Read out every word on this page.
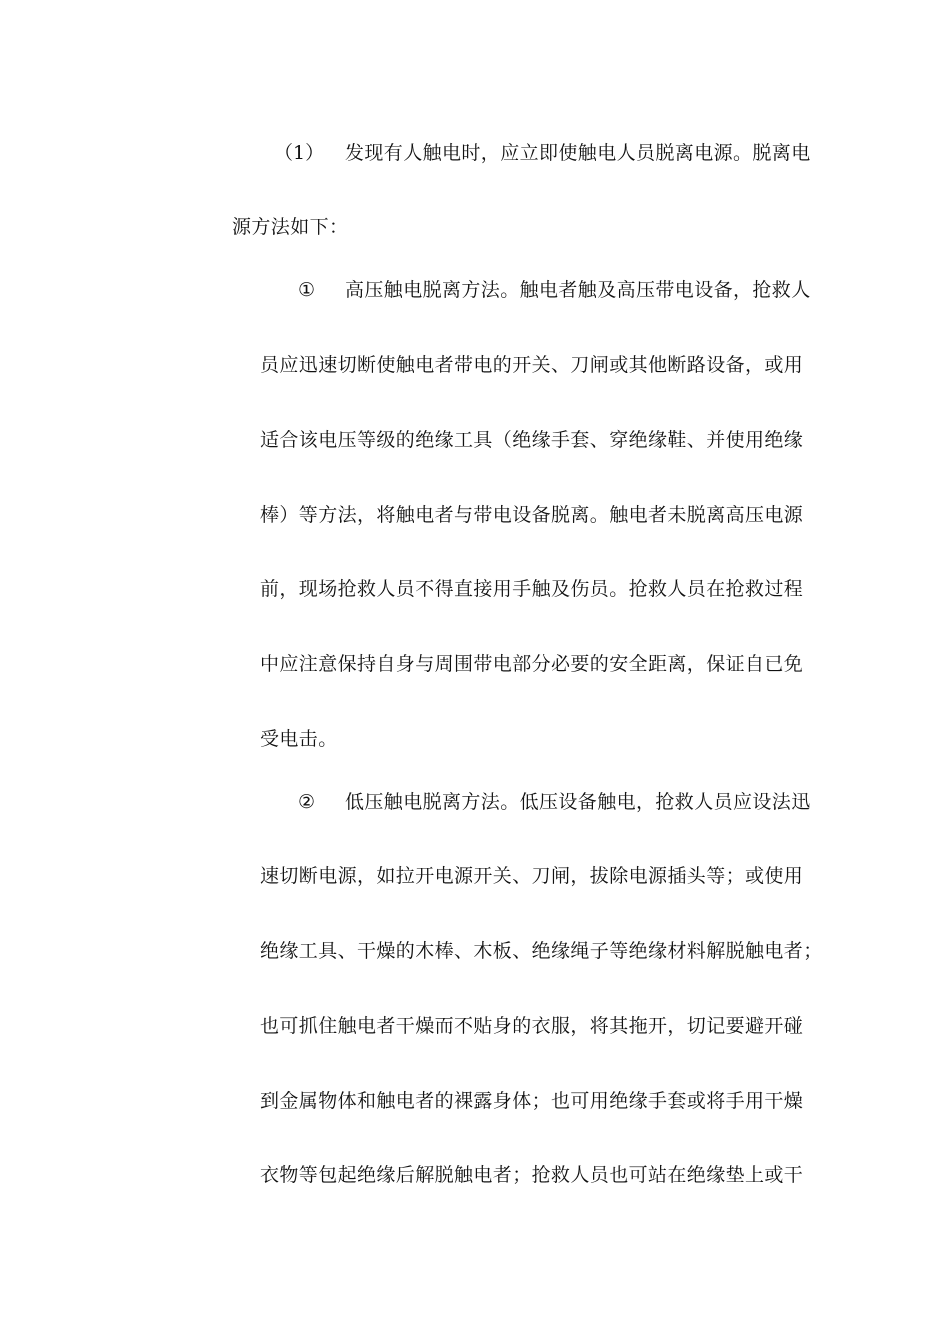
（1） 发现有人触电时，应立即使触电人员脱离电源。脱离电
源方法如下：
① 高压触电脱离方法。触电者触及高压带电设备，抢救人
员应迅速切断使触电者带电的开关、刀闸或其他断路设备，或用
适合该电压等级的绝缘工具（绝缘手套、穿绝缘鞋、并使用绝缘
棒）等方法，将触电者与带电设备脱离。触电者未脱离高压电源
前，现场抢救人员不得直接用手触及伤员。抢救人员在抢救过程
中应注意保持自身与周围带电部分必要的安全距离，保证自已免
受电击。
② 低压触电脱离方法。低压设备触电，抢救人员应设法迅
速切断电源，如拉开电源开关、刀闸，拔除电源插头等；或使用
绝缘工具、干燥的木棒、木板、绝缘绳子等绝缘材料解脱触电者；
也可抓住触电者干燥而不贴身的衣服，将其拖开，切记要避开碰
到金属物体和触电者的裸露身体；也可用绝缘手套或将手用干燥
衣物等包起绝缘后解脱触电者；抢救人员也可站在绝缘垫上或干
